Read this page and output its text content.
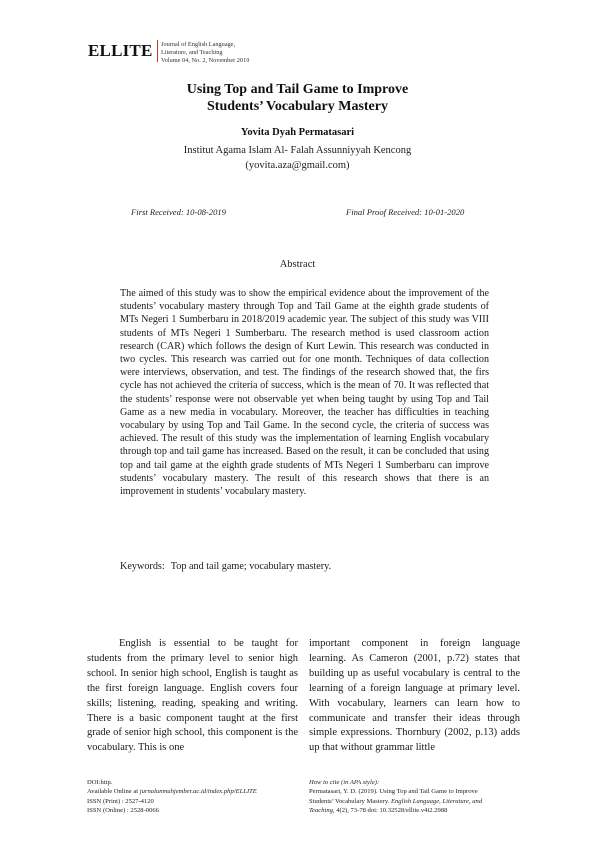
ELLITE Journal of English Language,
Literature, and Teaching
Volume 04, No. 2, November 2019
Using Top and Tail Game to Improve
Students’ Vocabulary Mastery
Yovita Dyah Permatasari
Institut Agama Islam Al- Falah Assunniyyah Kencong
(yovita.aza@gmail.com)
First Received: 10-08-2019	Final Proof Received: 10-01-2020
Abstract
The aimed of this study was to show the empirical evidence about the improvement of the students’ vocabulary mastery through Top and Tail Game at the eighth grade students of MTs Negeri 1 Sumberbaru in 2018/2019 academic year. The subject of this study was VIII students of MTs Negeri 1 Sumberbaru. The research method is used classroom action research (CAR) which follows the design of Kurt Lewin. This research was conducted in two cycles. This research was carried out for one month. Techniques of data collection were interviews, observation, and test. The findings of the research showed that, the firs cycle has not achieved the criteria of success, which is the mean of 70. It was reflected that the students’ response were not observable yet when being taught by using Top and Tail Game as a new media in vocabulary. Moreover, the teacher has difficulties in teaching vocabulary by using Top and Tail Game. In the second cycle, the criteria of success was achieved. The result of this study was the implementation of learning English vocabulary through top and tail game has increased. Based on the result, it can be concluded that using top and tail game at the eighth grade students of MTs Negeri 1 Sumberbaru can improve students’ vocabulary mastery. The result of this research shows that there is an improvement in students’ vocabulary mastery.
Keywords: Top and tail game; vocabulary mastery.

English is essential to be taught for students from the primary level to senior high school. In senior high school, English is taught as the first foreign language. English covers four skills; listening, reading, speaking and writing. There is a basic component taught at the first grade of senior high school, this component is the vocabulary. This is one

important component in foreign language learning. As Cameron (2001, p.72) states that building up as useful vocabulary is central to the learning of a foreign language at primary level. With vocabulary, learners can learn how to communicate and transfer their ideas through simple expressions. Thornbury (2002, p.13) adds up that without grammar little

DOI:http.
Available Online at jurnalunmuhjember.ac.id/index.php/ELLITE
ISSN (Print) : 2527-4120
ISSN (Online) : 2528-0066
How to cite (in APA style):
Permatasari, Y. D. (2019). Using Top and Tail Game to Improve
Students’ Vocabulary Mastery. English Language, Literature, and
Teaching, 4(2), 73-78 doi: 10.32528/ellite.v4i2.2988
